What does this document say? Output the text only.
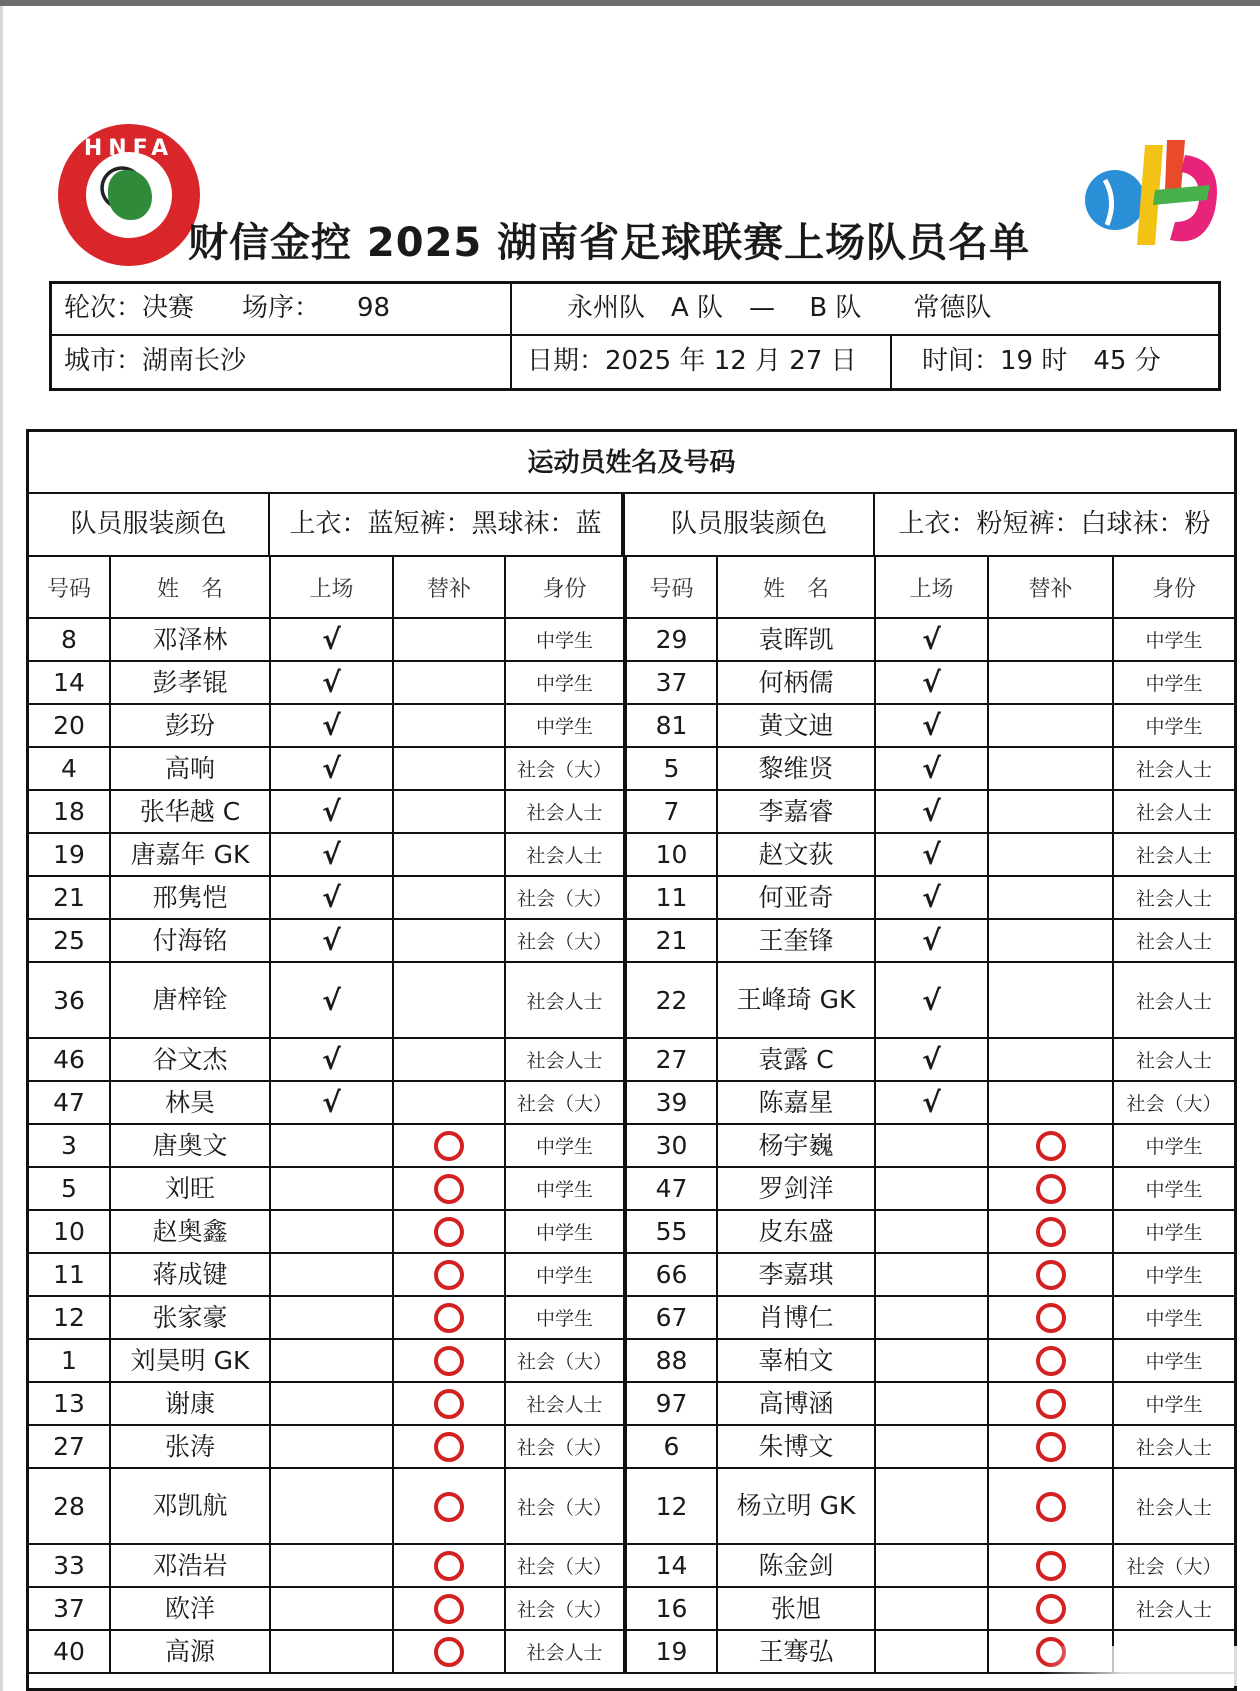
HNFA
财信金控 2025 湖南省足球联赛上场队员名单
轮次：决赛 场序： 98	永州队　A 队　—　 B 队　　常德队
城市：湖南长沙	日期：2025 年 12 月 27 日	时间：19 时　45 分
运动员姓名及号码
队员服装颜色	上衣：蓝短裤：黑球袜：蓝	队员服装颜色	上衣：粉短裤：白球袜：粉
号码	姓　名	上场	替补	身份	号码	姓　名	上场	替补	身份
8	邓泽林	√		中学生	29	袁晖凯	√		中学生
14	彭孝锟	√		中学生	37	何柄儒	√		中学生
20	彭玢	√		中学生	81	黄文迪	√		中学生
4	高响	√		社会（大）	5	黎维贤	√		社会人士
18	张华越 C	√		社会人士	7	李嘉睿	√		社会人士
19	唐嘉年 GK	√		社会人士	10	赵文荻	√		社会人士
21	邢隽恺	√		社会（大）	11	何亚奇	√		社会人士
25	付海铭	√		社会（大）	21	王奎锋	√		社会人士
36	唐梓铨	√		社会人士	22	王峰琦 GK	√		社会人士
46	谷文杰	√		社会人士	27	袁露 C	√		社会人士
47	林昊	√		社会（大）	39	陈嘉星	√		社会（大）
3	唐奥文			中学生	30	杨宇巍			中学生
5	刘旺			中学生	47	罗剑洋			中学生
10	赵奥鑫			中学生	55	皮东盛			中学生
11	蒋成键			中学生	66	李嘉琪			中学生
12	张家豪			中学生	67	肖博仁			中学生
1	刘昊明 GK			社会（大）	88	辜柏文			中学生
13	谢康			社会人士	97	高博涵			中学生
27	张涛			社会（大）	6	朱博文			社会人士
28	邓凯航			社会（大）	12	杨立明 GK			社会人士
33	邓浩岩			社会（大）	14	陈金剑			社会（大）
37	欧洋			社会（大）	16	张旭			社会人士
40	高源			社会人士	19	王骞弘			
